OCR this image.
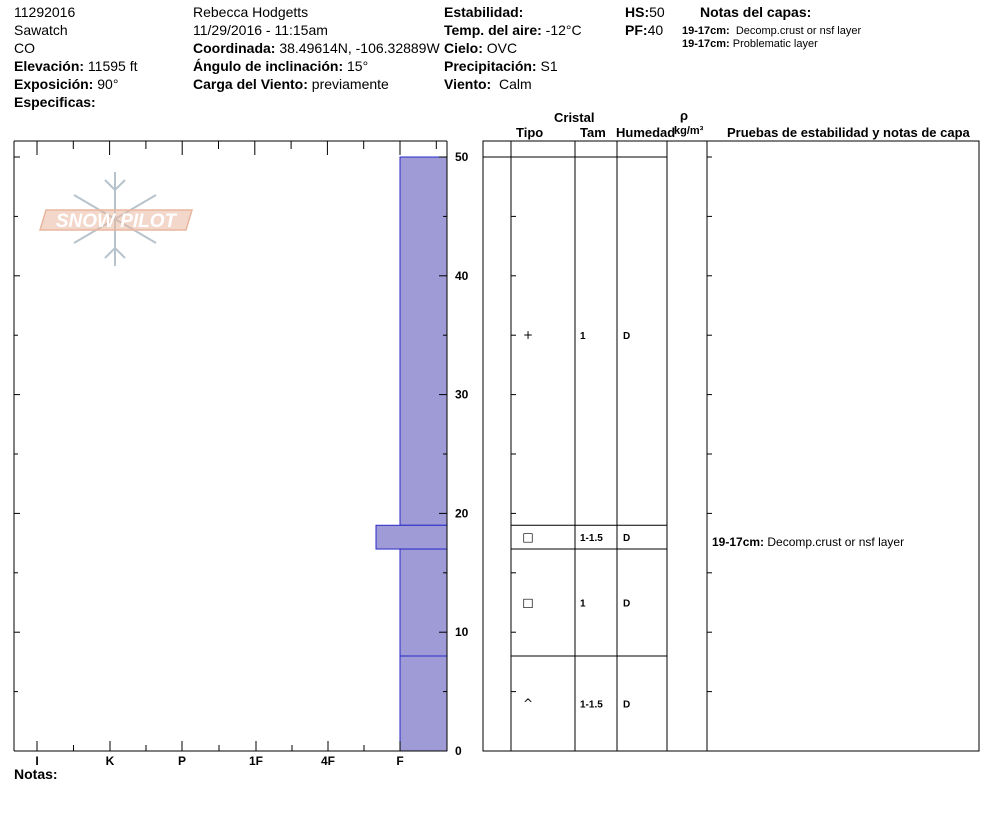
11292016
Sawatch
CO
Elevación: 11595 ft
Exposición: 90°
Especificas:
Rebecca Hodgetts
11/29/2016 - 11:15am
Coordinada: 38.49614N, -106.32889W
Ángulo de inclinación: 15°
Carga del Viento: previamente
Estabilidad:
Temp. del aire: -12°C
Cielo: OVC
Precipitación: S1
Viento: Calm
HS:50
PF:40
Notas del capas:
19-17cm: Decomp.crust or nsf layer
19-17cm: Problematic layer
Cristal	ρ
Tipo	Tam Humedad
kg/m³ Pruebas de estabilidad y notas de capa
19-17cm: Decomp.crust or nsf layer
Notas:
SNOW PILOT
I	K	P	1F	4F	F
0
10
20
30
40
50
+	1	D
□	1-1.5 D
□	1	D
^	1-1.5 D
